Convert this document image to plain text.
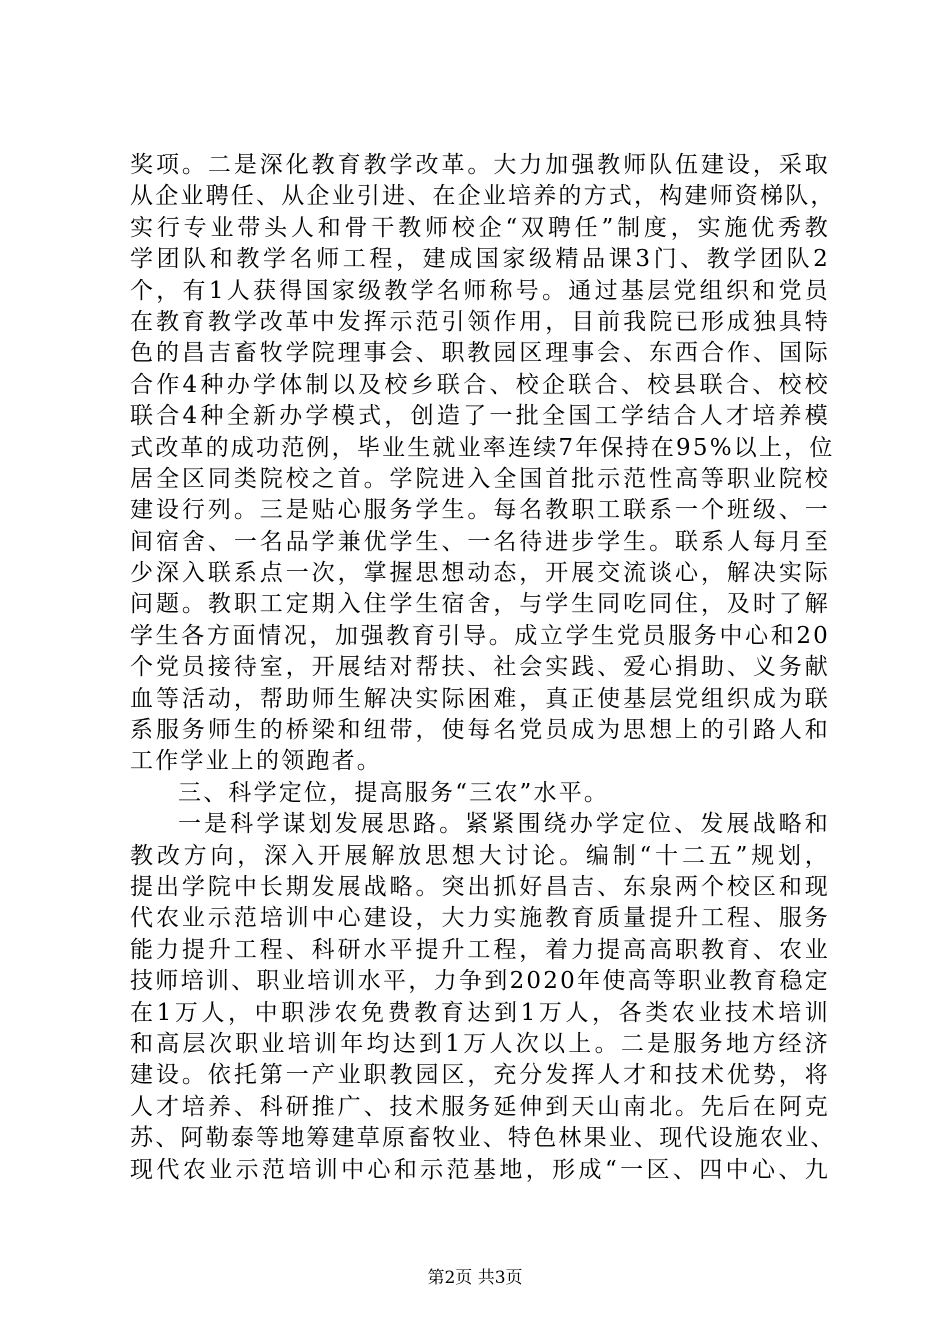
奖项。二是深化教育教学改革。大力加强教师队伍建设，采取
从企业聘任、从企业引进、在企业培养的方式，构建师资梯队，
实行专业带头人和骨干教师校企“双聘任”制度，实施优秀教
学团队和教学名师工程，建成国家级精品课3门、教学团队2
个，有1人获得国家级教学名师称号。通过基层党组织和党员
在教育教学改革中发挥示范引领作用，目前我院已形成独具特
色的昌吉畜牧学院理事会、职教园区理事会、东西合作、国际
合作4种办学体制以及校乡联合、校企联合、校县联合、校校
联合4种全新办学模式，创造了一批全国工学结合人才培养模
式改革的成功范例，毕业生就业率连续7年保持在95%以上，位
居全区同类院校之首。学院进入全国首批示范性高等职业院校
建设行列。三是贴心服务学生。每名教职工联系一个班级、一
间宿舍、一名品学兼优学生、一名待进步学生。联系人每月至
少深入联系点一次，掌握思想动态，开展交流谈心，解决实际
问题。教职工定期入住学生宿舍，与学生同吃同住，及时了解
学生各方面情况，加强教育引导。成立学生党员服务中心和20
个党员接待室，开展结对帮扶、社会实践、爱心捐助、义务献
血等活动，帮助师生解决实际困难，真正使基层党组织成为联
系服务师生的桥梁和纽带，使每名党员成为思想上的引路人和
工作学业上的领跑者。
三、科学定位，提高服务“三农”水平。
一是科学谋划发展思路。紧紧围绕办学定位、发展战略和
教改方向，深入开展解放思想大讨论。编制“十二五”规划，
提出学院中长期发展战略。突出抓好昌吉、东泉两个校区和现
代农业示范培训中心建设，大力实施教育质量提升工程、服务
能力提升工程、科研水平提升工程，着力提高高职教育、农业
技师培训、职业培训水平，力争到2020年使高等职业教育稳定
在1万人，中职涉农免费教育达到1万人，各类农业技术培训
和高层次职业培训年均达到1万人次以上。二是服务地方经济
建设。依托第一产业职教园区，充分发挥人才和技术优势，将
人才培养、科研推广、技术服务延伸到天山南北。先后在阿克
苏、阿勒泰等地筹建草原畜牧业、特色林果业、现代设施农业、
现代农业示范培训中心和示范基地，形成“一区、四中心、九
第2页 共3页
